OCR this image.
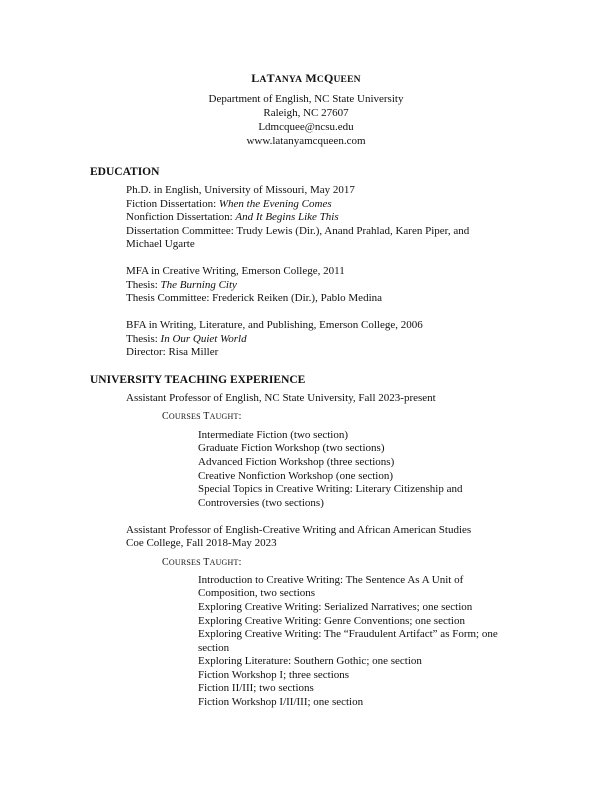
LATANYA MCQUEEN
Department of English, NC State University
Raleigh, NC 27607
Ldmcquee@ncsu.edu
www.latanyamcqueen.com
EDUCATION
Ph.D. in English, University of Missouri, May 2017
Fiction Dissertation: When the Evening Comes
Nonfiction Dissertation: And It Begins Like This
Dissertation Committee: Trudy Lewis (Dir.), Anand Prahlad, Karen Piper, and
Michael Ugarte
MFA in Creative Writing, Emerson College, 2011
Thesis: The Burning City
Thesis Committee: Frederick Reiken (Dir.), Pablo Medina
BFA in Writing, Literature, and Publishing, Emerson College, 2006
Thesis: In Our Quiet World
Director: Risa Miller
UNIVERSITY TEACHING EXPERIENCE
Assistant Professor of English, NC State University, Fall 2023-present
COURSES TAUGHT:
Intermediate Fiction (two section)
Graduate Fiction Workshop (two sections)
Advanced Fiction Workshop (three sections)
Creative Nonfiction Workshop (one section)
Special Topics in Creative Writing: Literary Citizenship and
Controversies (two sections)
Assistant Professor of English-Creative Writing and African American Studies
Coe College, Fall 2018-May 2023
COURSES TAUGHT:
Introduction to Creative Writing: The Sentence As A Unit of
Composition, two sections
Exploring Creative Writing: Serialized Narratives; one section
Exploring Creative Writing: Genre Conventions; one section
Exploring Creative Writing: The “Fraudulent Artifact” as Form; one
section
Exploring Literature: Southern Gothic; one section
Fiction Workshop I; three sections
Fiction II/III; two sections
Fiction Workshop I/II/III; one section
